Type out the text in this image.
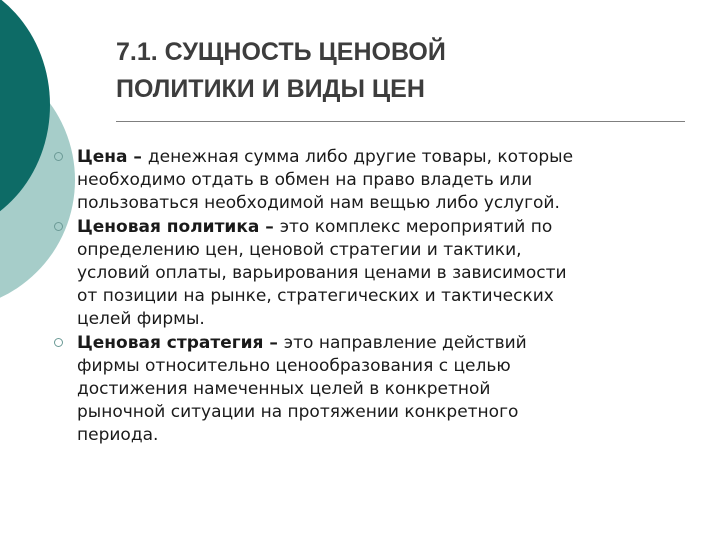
7.1. СУЩНОСТЬ ЦЕНОВОЙ
ПОЛИТИКИ И ВИДЫ ЦЕН
Цена – денежная сумма либо другие товары, которые
необходимо отдать в обмен на право владеть или
пользоваться необходимой нам вещью либо услугой.
Ценовая политика – это комплекс мероприятий по
определению цен, ценовой стратегии и тактики,
условий оплаты, варьирования ценами в зависимости
от позиции на рынке, стратегических и тактических
целей фирмы.
Ценовая стратегия – это направление действий
фирмы относительно ценообразования с целью
достижения намеченных целей в конкретной
рыночной ситуации на протяжении конкретного
периода.
